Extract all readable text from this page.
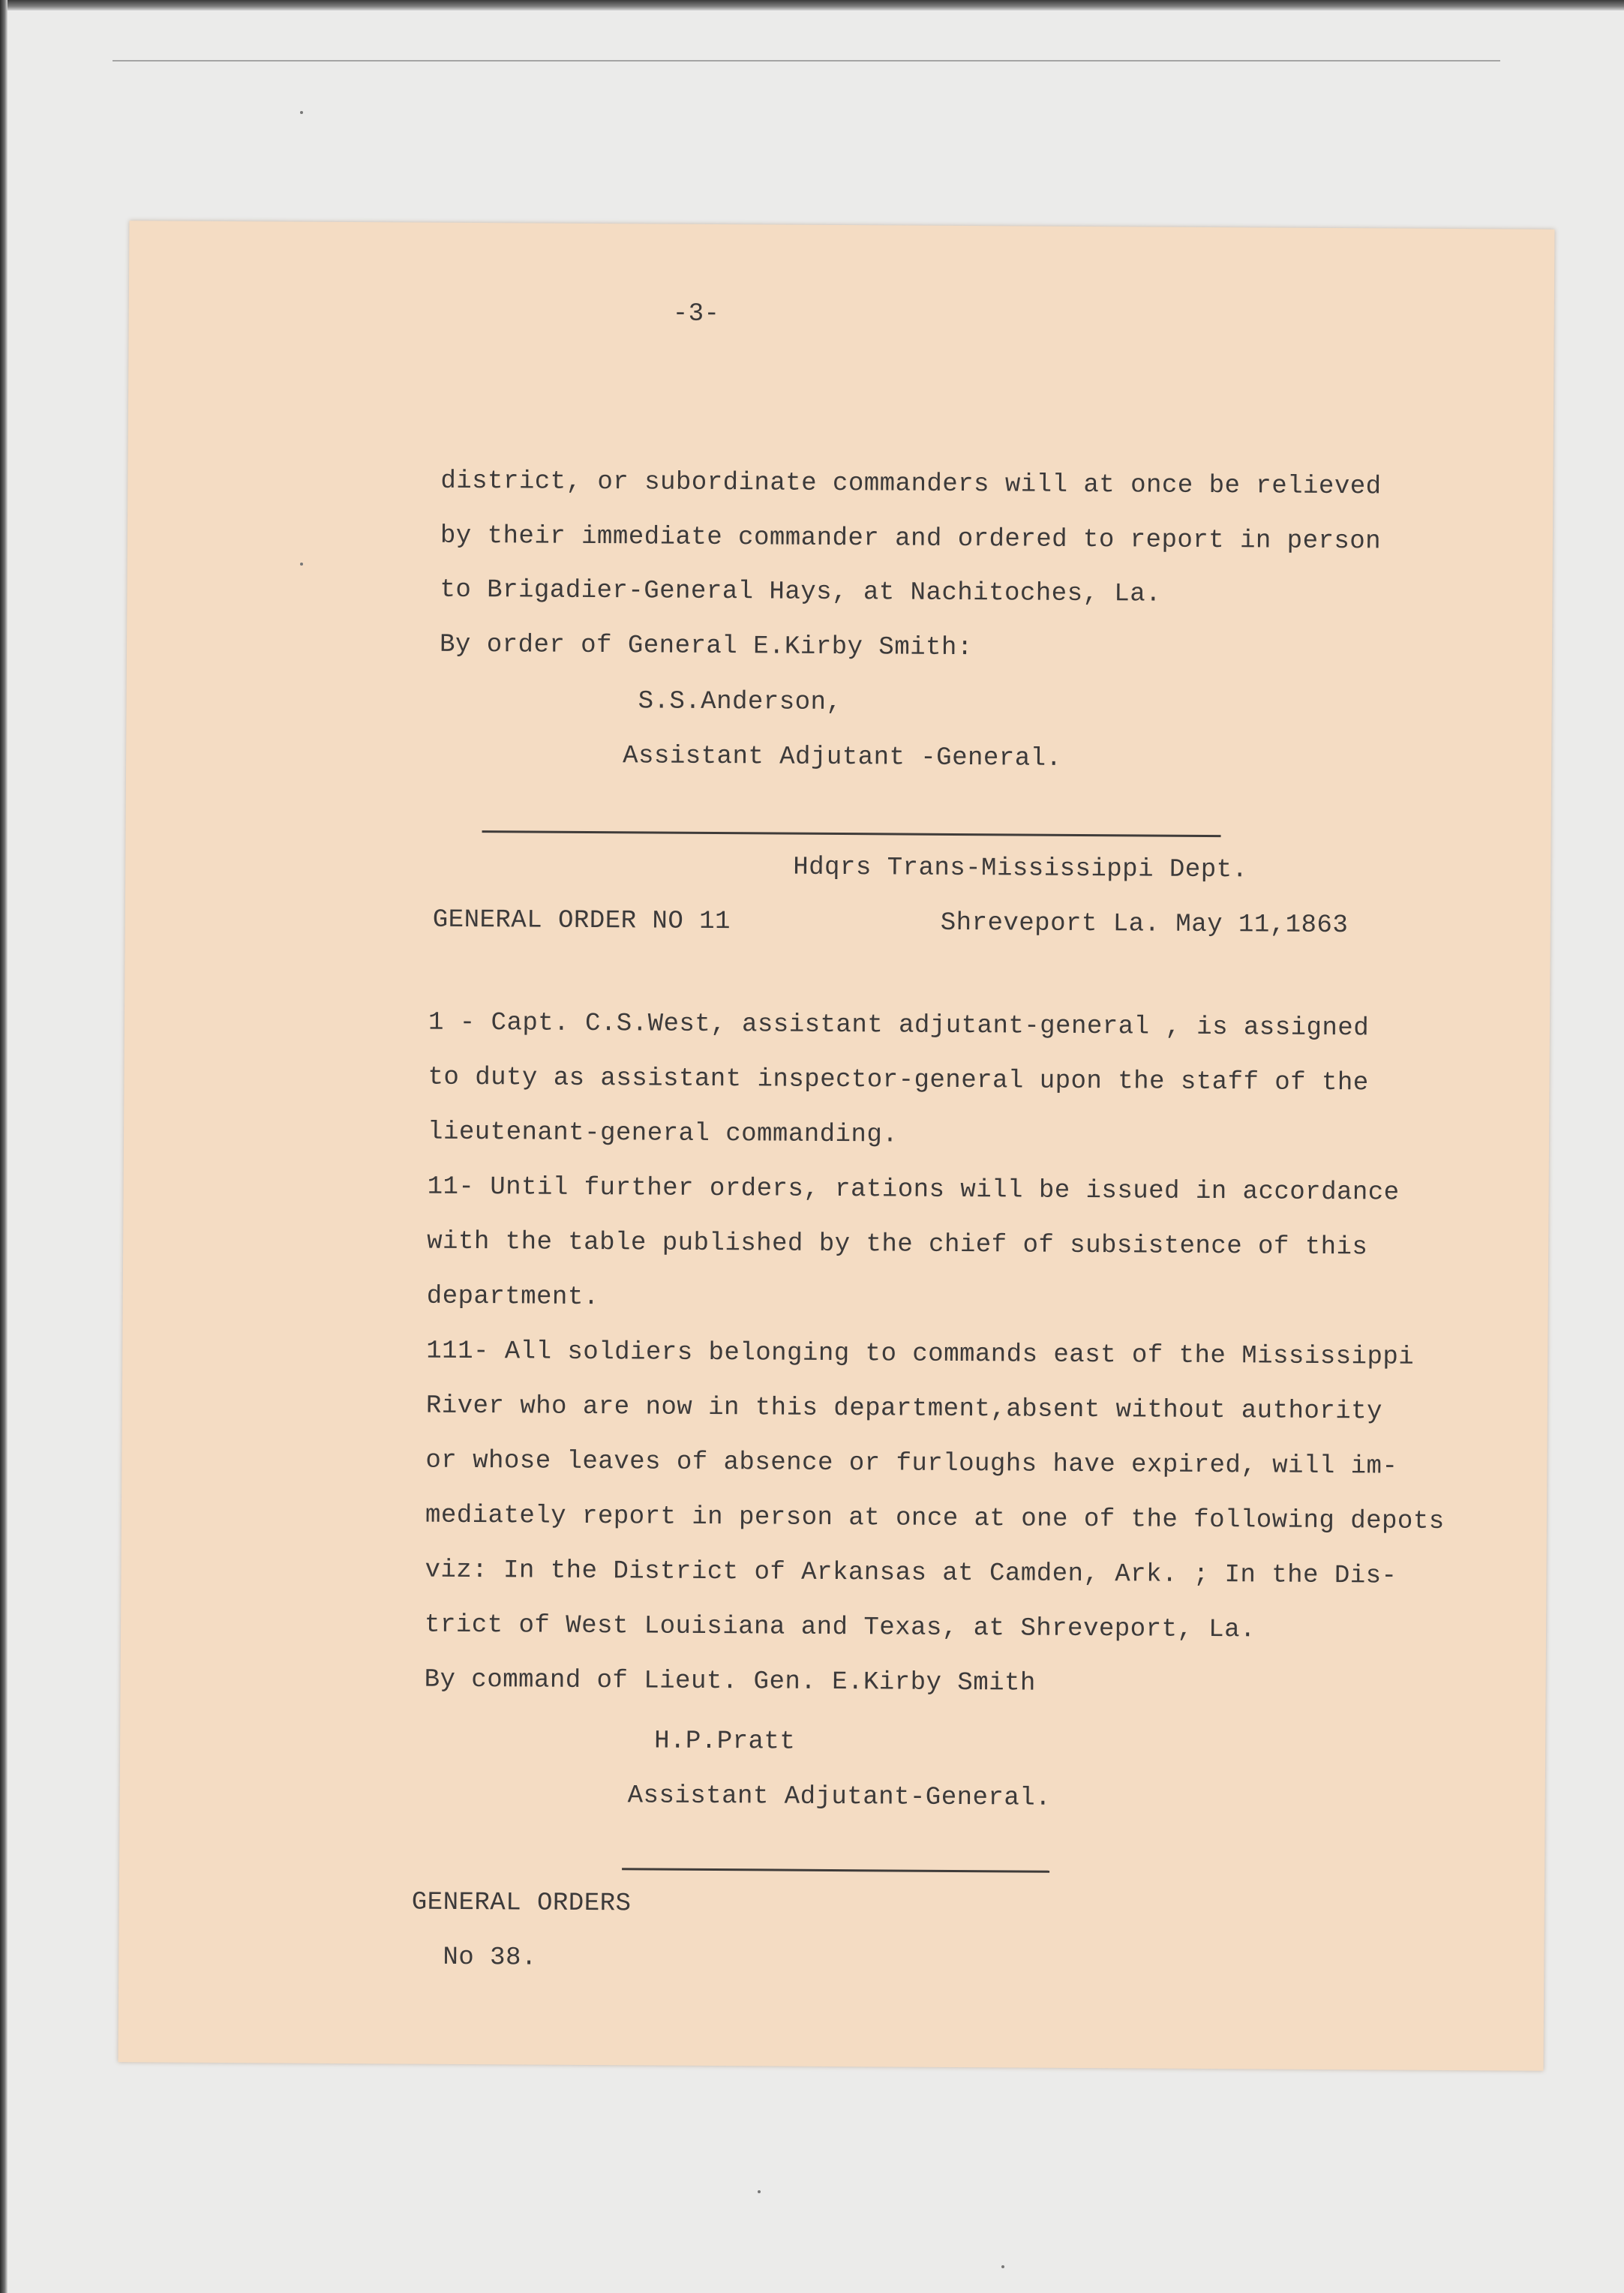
-3-

district, or subordinate commanders will at once be relieved

by their immediate commander and ordered to report in person

to Brigadier-General Hays, at Nachitoches, La.

By order of General E.Kirby Smith:

S.S.Anderson,

Assistant Adjutant -General.

Hdqrs Trans-Mississippi Dept.

GENERAL ORDER NO 11	Shreveport La. May 11,1863

1 - Capt. C.S.West, assistant adjutant-general , is assigned

to duty as assistant inspector-general upon the staff of the

lieutenant-general commanding.

11- Until further orders, rations will be issued in accordance

with the table published by the chief of subsistence of this

department.

111- All soldiers belonging to commands east of the Mississippi

River who are now in this department,absent without authority

or whose leaves of absence or furloughs have expired, will im-

mediately report in person at once at one of the following depots

viz: In the District of Arkansas at Camden, Ark. ; In the Dis-

trict of West Louisiana and Texas, at Shreveport, La.

By command of Lieut. Gen. E.Kirby Smith

H.P.Pratt

Assistant Adjutant-General.

GENERAL ORDERS

No 38.
